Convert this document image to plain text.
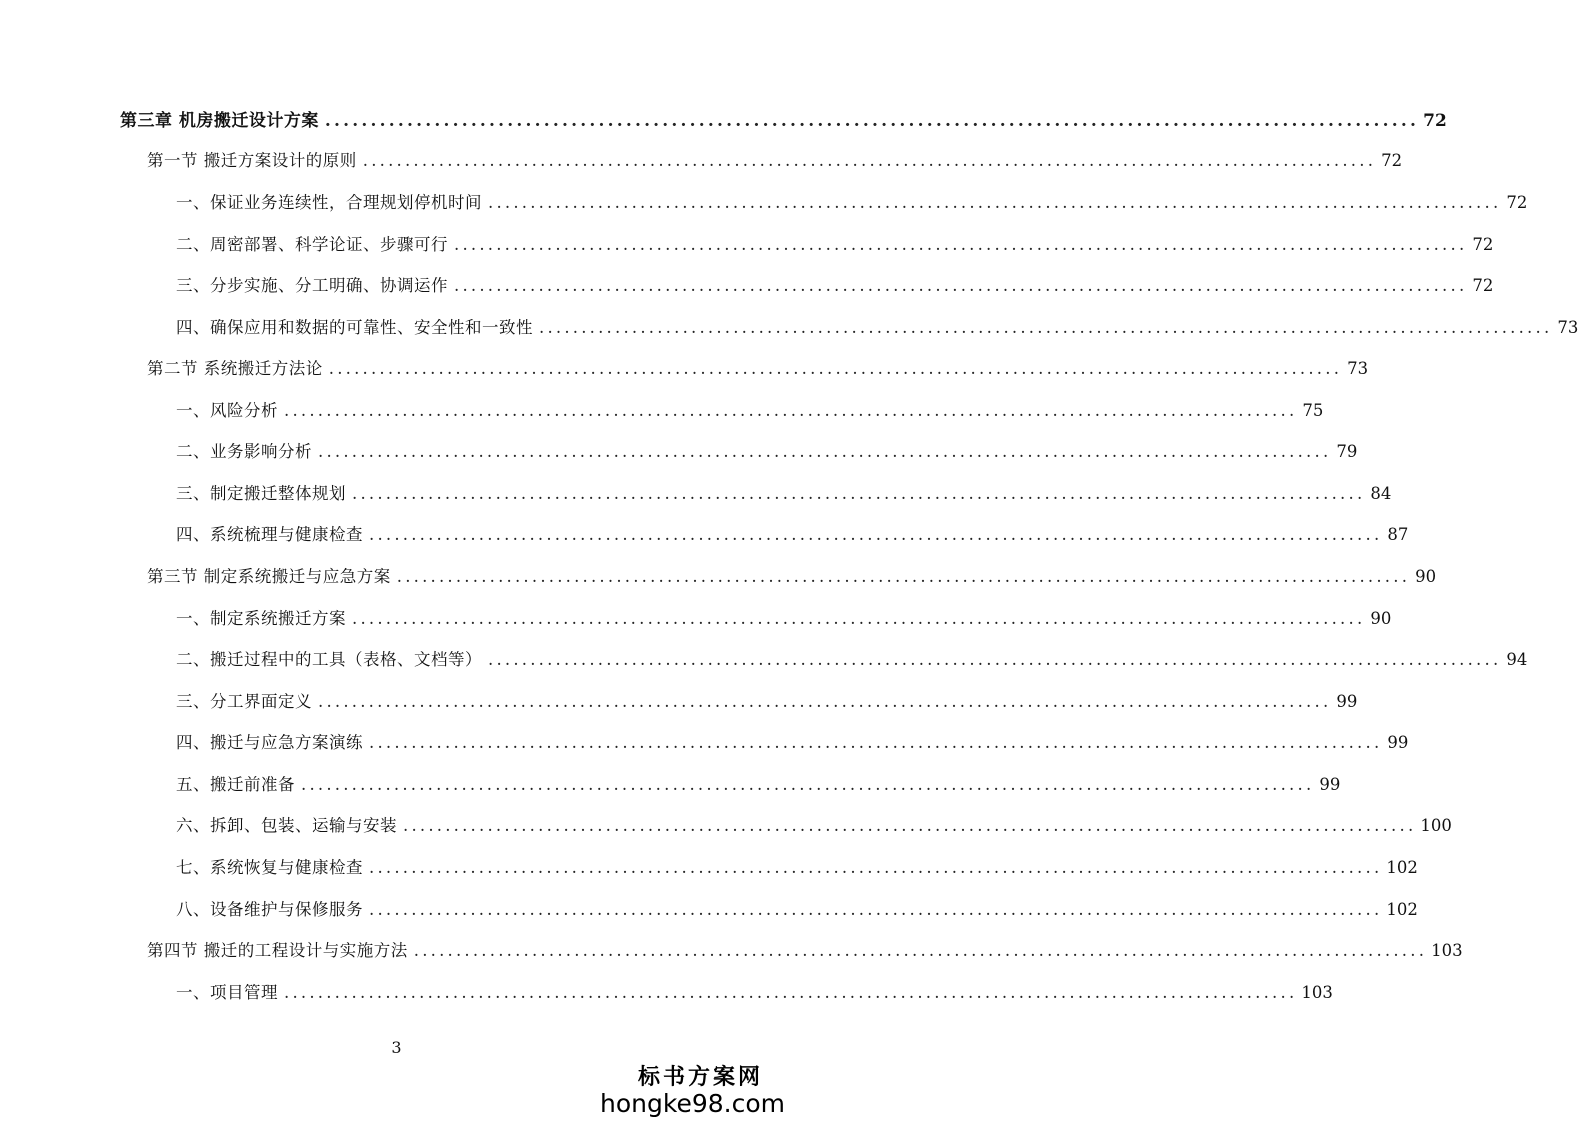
第三章 机房搬迁设计方案 ........................................................................................................................ 72
第一节 搬迁方案设计的原则 ........................................................................................................................ 72
一、保证业务连续性，合理规划停机时间 ........................................................................................................................ 72
二、周密部署、科学论证、步骤可行 ........................................................................................................................ 72
三、分步实施、分工明确、协调运作 ........................................................................................................................ 72
四、确保应用和数据的可靠性、安全性和一致性 ........................................................................................................................ 73
第二节 系统搬迁方法论 ........................................................................................................................ 73
一、风险分析 ........................................................................................................................ 75
二、业务影响分析 ........................................................................................................................ 79
三、制定搬迁整体规划 ........................................................................................................................ 84
四、系统梳理与健康检查 ........................................................................................................................ 87
第三节 制定系统搬迁与应急方案 ........................................................................................................................ 90
一、制定系统搬迁方案 ........................................................................................................................ 90
二、搬迁过程中的工具（表格、文档等） ........................................................................................................................ 94
三、分工界面定义 ........................................................................................................................ 99
四、搬迁与应急方案演练 ........................................................................................................................ 99
五、搬迁前准备 ........................................................................................................................ 99
六、拆卸、包装、运输与安装 ........................................................................................................................ 100
七、系统恢复与健康检查 ........................................................................................................................ 102
八、设备维护与保修服务 ........................................................................................................................ 102
第四节 搬迁的工程设计与实施方法 ........................................................................................................................ 103
一、项目管理 ........................................................................................................................ 103
3
标书方案网
hongke98.com
